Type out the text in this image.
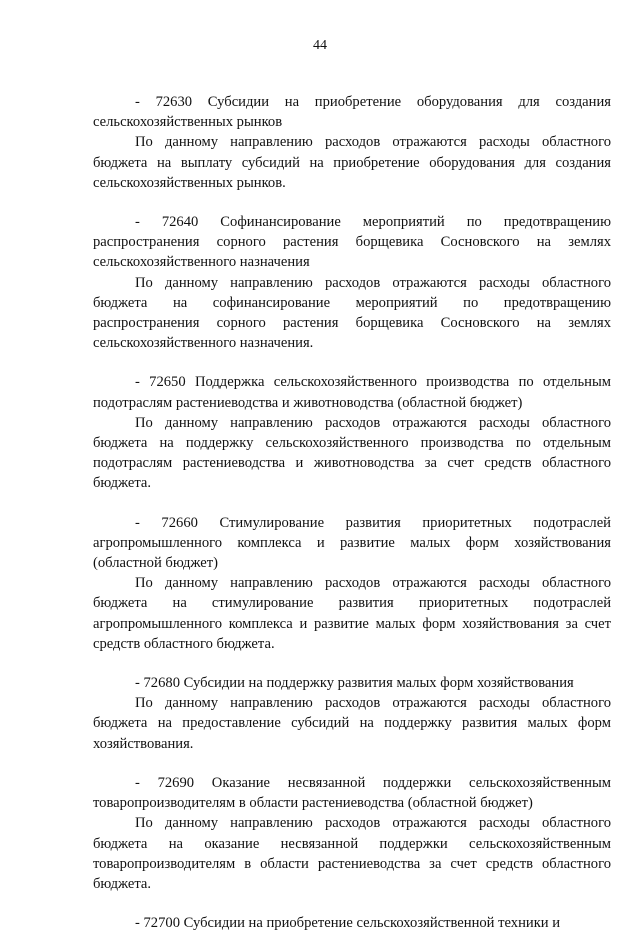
44
- 72630 Субсидии на приобретение оборудования для создания сельскохозяйственных рынков
По данному направлению расходов отражаются расходы областного бюджета на выплату субсидий на приобретение оборудования для создания сельскохозяйственных рынков.
- 72640 Софинансирование мероприятий по предотвращению распространения сорного растения борщевика Сосновского на землях сельскохозяйственного назначения
По данному направлению расходов отражаются расходы областного бюджета на софинансирование мероприятий по предотвращению распространения сорного растения борщевика Сосновского на землях сельскохозяйственного назначения.
- 72650 Поддержка сельскохозяйственного производства по отдельным подотраслям растениеводства и животноводства (областной бюджет)
По данному направлению расходов отражаются расходы областного бюджета на поддержку сельскохозяйственного производства по отдельным подотраслям растениеводства и животноводства за счет средств областного бюджета.
- 72660 Стимулирование развития приоритетных подотраслей агропромышленного комплекса и развитие малых форм хозяйствования (областной бюджет)
По данному направлению расходов отражаются расходы областного бюджета на стимулирование развития приоритетных подотраслей агропромышленного комплекса и развитие малых форм хозяйствования за счет средств областного бюджета.
- 72680 Субсидии на поддержку развития малых форм хозяйствования
По данному направлению расходов отражаются расходы областного бюджета на предоставление субсидий на поддержку развития малых форм хозяйствования.
- 72690 Оказание несвязанной поддержки сельскохозяйственным товаропроизводителям в области растениеводства (областной бюджет)
По данному направлению расходов отражаются расходы областного бюджета на оказание несвязанной поддержки сельскохозяйственным товаропроизводителям в области растениеводства за счет средств областного бюджета.
- 72700 Субсидии на приобретение сельскохозяйственной техники и
